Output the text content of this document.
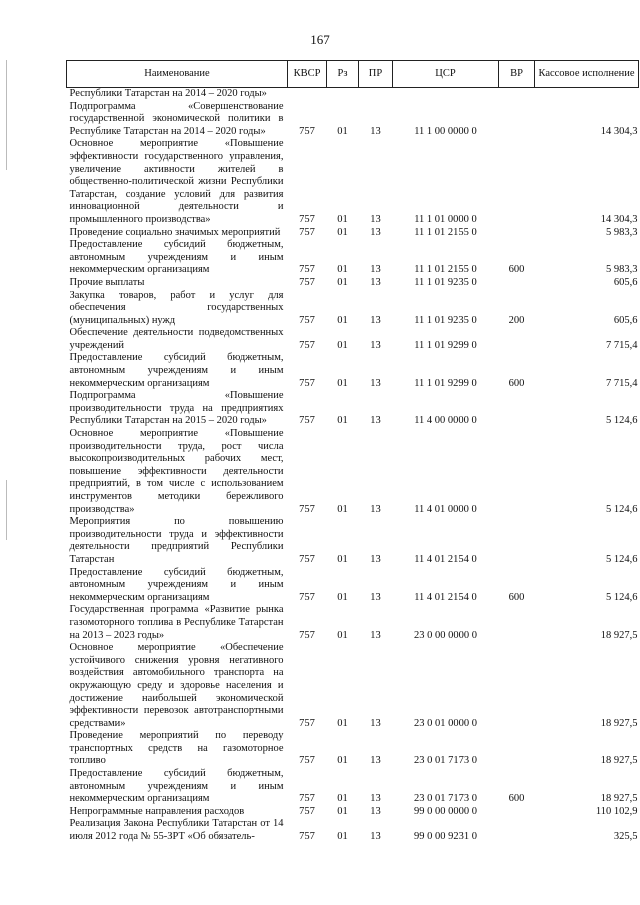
167
Наименование	КВСР	Рз	ПР	ЦСР	ВР	Кассовое исполнение
Республики Татарстан на 2014 – 2020 годы»						
Подпрограмма «Совершенствование государственной экономической политики в Республике Татарстан на 2014 – 2020 годы»	757	01	13	11 1 00 0000 0		14 304,3
Основное мероприятие «Повышение эффективности государственного управления, увеличение активности жителей в общественно-политической жизни Республики Татарстан, создание условий для развития инновационной деятельности и промышленного производства»	757	01	13	11 1 01 0000 0		14 304,3
Проведение социально значимых мероприятий	757	01	13	11 1 01 2155 0		5 983,3
Предоставление субсидий бюджетным, автономным учреждениям и иным некоммерческим организациям	757	01	13	11 1 01 2155 0	600	5 983,3
Прочие выплаты	757	01	13	11 1 01 9235 0		605,6
Закупка товаров, работ и услуг для обеспечения государственных (муниципальных) нужд	757	01	13	11 1 01 9235 0	200	605,6
Обеспечение деятельности подведомственных учреждений	757	01	13	11 1 01 9299 0		7 715,4
Предоставление субсидий бюджетным, автономным учреждениям и иным некоммерческим организациям	757	01	13	11 1 01 9299 0	600	7 715,4
Подпрограмма «Повышение производительности труда на предприятиях Республики Татарстан на 2015 – 2020 годы»	757	01	13	11 4 00 0000 0		5 124,6
Основное мероприятие «Повышение производительности труда, рост числа высокопроизводительных рабочих мест, повышение эффективности деятельности предприятий, в том числе с использованием инструментов методики бережливого производства»	757	01	13	11 4 01 0000 0		5 124,6
Мероприятия по повышению производительности труда и эффективности деятельности предприятий Республики Татарстан	757	01	13	11 4 01 2154 0		5 124,6
Предоставление субсидий бюджетным, автономным учреждениям и иным некоммерческим организациям	757	01	13	11 4 01 2154 0	600	5 124,6
Государственная программа «Развитие рынка газомоторного топлива в Республике Татарстан на 2013 – 2023 годы»	757	01	13	23 0 00 0000 0		18 927,5
Основное мероприятие «Обеспечение устойчивого снижения уровня негативного воздействия автомобильного транспорта на окружающую среду и здоровье населения и достижение наибольшей экономической эффективности перевозок автотранспортными средствами»	757	01	13	23 0 01 0000 0		18 927,5
Проведение мероприятий по переводу транспортных средств на газомоторное топливо	757	01	13	23 0 01 7173 0		18 927,5
Предоставление субсидий бюджетным, автономным учреждениям и иным некоммерческим организациям	757	01	13	23 0 01 7173 0	600	18 927,5
Непрограммные направления расходов	757	01	13	99 0 00 0000 0		110 102,9
Реализация Закона Республики Татарстан от 14 июля 2012 года № 55-ЗРТ «Об обязатель-	757	01	13	99 0 00 9231 0		325,5
